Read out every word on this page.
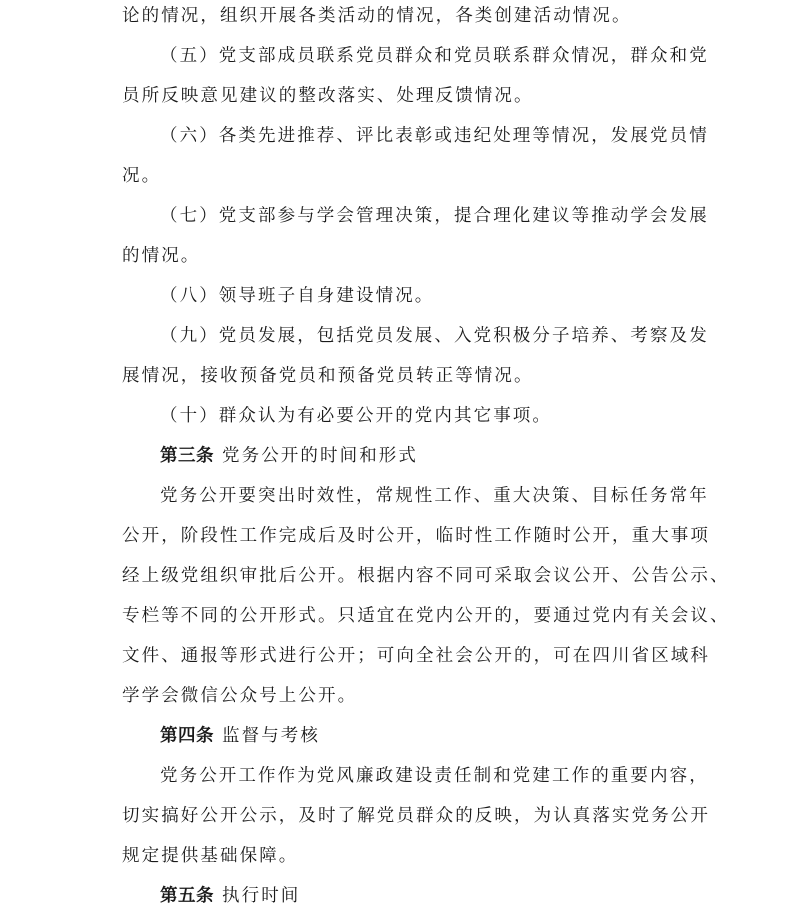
论的情况，组织开展各类活动的情况，各类创建活动情况。
（五）党支部成员联系党员群众和党员联系群众情况，群众和党
员所反映意见建议的整改落实、处理反馈情况。
（六）各类先进推荐、评比表彰或违纪处理等情况，发展党员情
况。
（七）党支部参与学会管理决策，提合理化建议等推动学会发展
的情况。
（八）领导班子自身建设情况。
（九）党员发展，包括党员发展、入党积极分子培养、考察及发
展情况，接收预备党员和预备党员转正等情况。
（十）群众认为有必要公开的党内其它事项。
第三条 党务公开的时间和形式
党务公开要突出时效性，常规性工作、重大决策、目标任务常年
公开，阶段性工作完成后及时公开，临时性工作随时公开，重大事项
经上级党组织审批后公开。根据内容不同可采取会议公开、公告公示、
专栏等不同的公开形式。只适宜在党内公开的，要通过党内有关会议、
文件、通报等形式进行公开；可向全社会公开的，可在四川省区域科
学学会微信公众号上公开。
第四条 监督与考核
党务公开工作作为党风廉政建设责任制和党建工作的重要内容，
切实搞好公开公示，及时了解党员群众的反映，为认真落实党务公开
规定提供基础保障。
第五条 执行时间
